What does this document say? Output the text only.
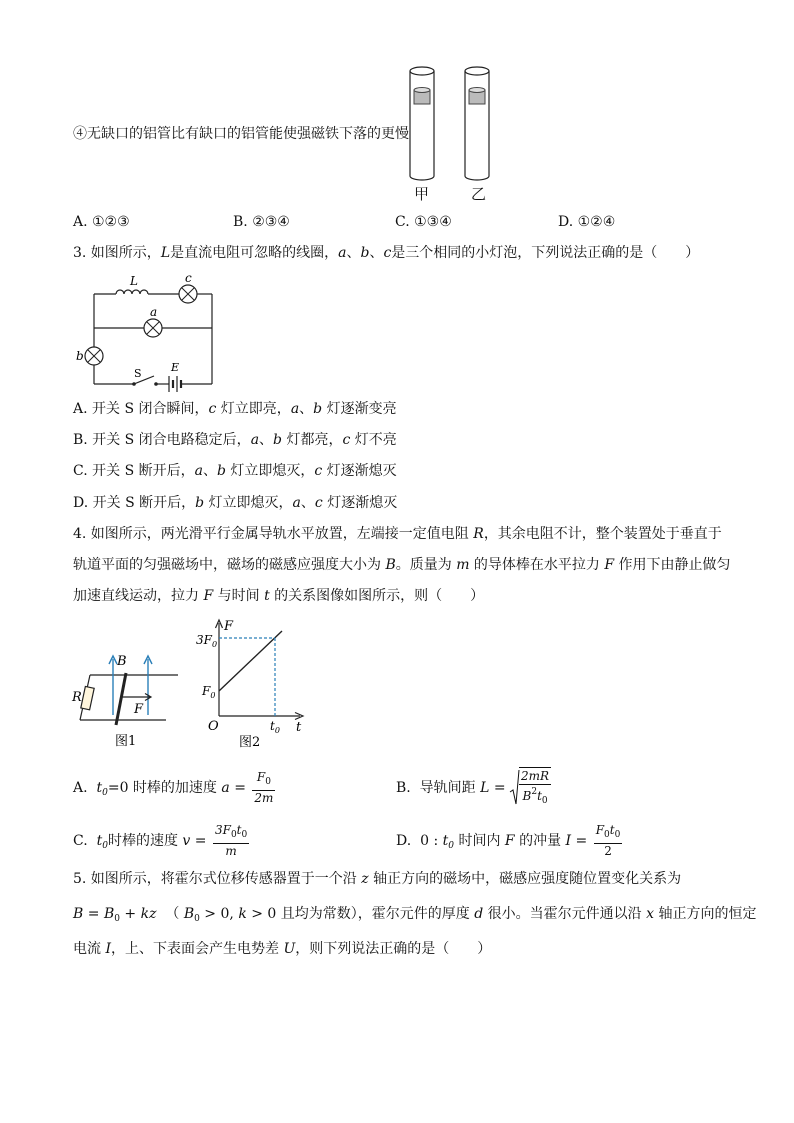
④无缺口的铝管比有缺口的铝管能使强磁铁下落的更慢
甲	乙
A. ①②③	B. ②③④	C. ①③④	D. ①②④
3. 如图所示，L是直流电阻可忽略的线圈，a、b、c是三个相同的小灯泡，下列说法正确的是（　　）
L	c
a
b
S	E
A. 开关 S 闭合瞬间，c 灯立即亮，a、b 灯逐渐变亮
B. 开关 S 闭合电路稳定后，a、b 灯都亮，c 灯不亮
C. 开关 S 断开后，a、b 灯立即熄灭，c 灯逐渐熄灭
D. 开关 S 断开后，b 灯立即熄灭，a、c 灯逐渐熄灭
4. 如图所示，两光滑平行金属导轨水平放置，左端接一定值电阻 R，其余电阻不计，整个装置处于垂直于
轨道平面的匀强磁场中，磁场的磁感应强度大小为 B。质量为 m 的导体棒在水平拉力 F 作用下由静止做匀
加速直线运动，拉力 F 与时间 t 的关系图像如图所示，则（　　）
B
R
F
图1
F
t
O
$3F_0$
$F_0$
$t_0$
图2
A. $t_0=0$ 时棒的加速度 $a = \frac{F_0}{2m}$	B. 导轨间距 $L = \frac{2mR}{B^2t_0}$
C. $t_0$时棒的速度 $v = \frac{3F_0t_0}{m}$	D. 0 : $t_0$ 时间内 F 的冲量 $I = \frac{F_0t_0}{2}$
5. 如图所示，将霍尔式位移传感器置于一个沿 z 轴正方向的磁场中，磁感应强度随位置变化关系为
$B = B_0$ + kz （ $B_0 > 0$, k > 0 且均为常数），霍尔元件的厚度 d 很小。当霍尔元件通以沿 x 轴正方向的恒定
电流 I，上、下表面会产生电势差 U，则下列说法正确的是（　　）
